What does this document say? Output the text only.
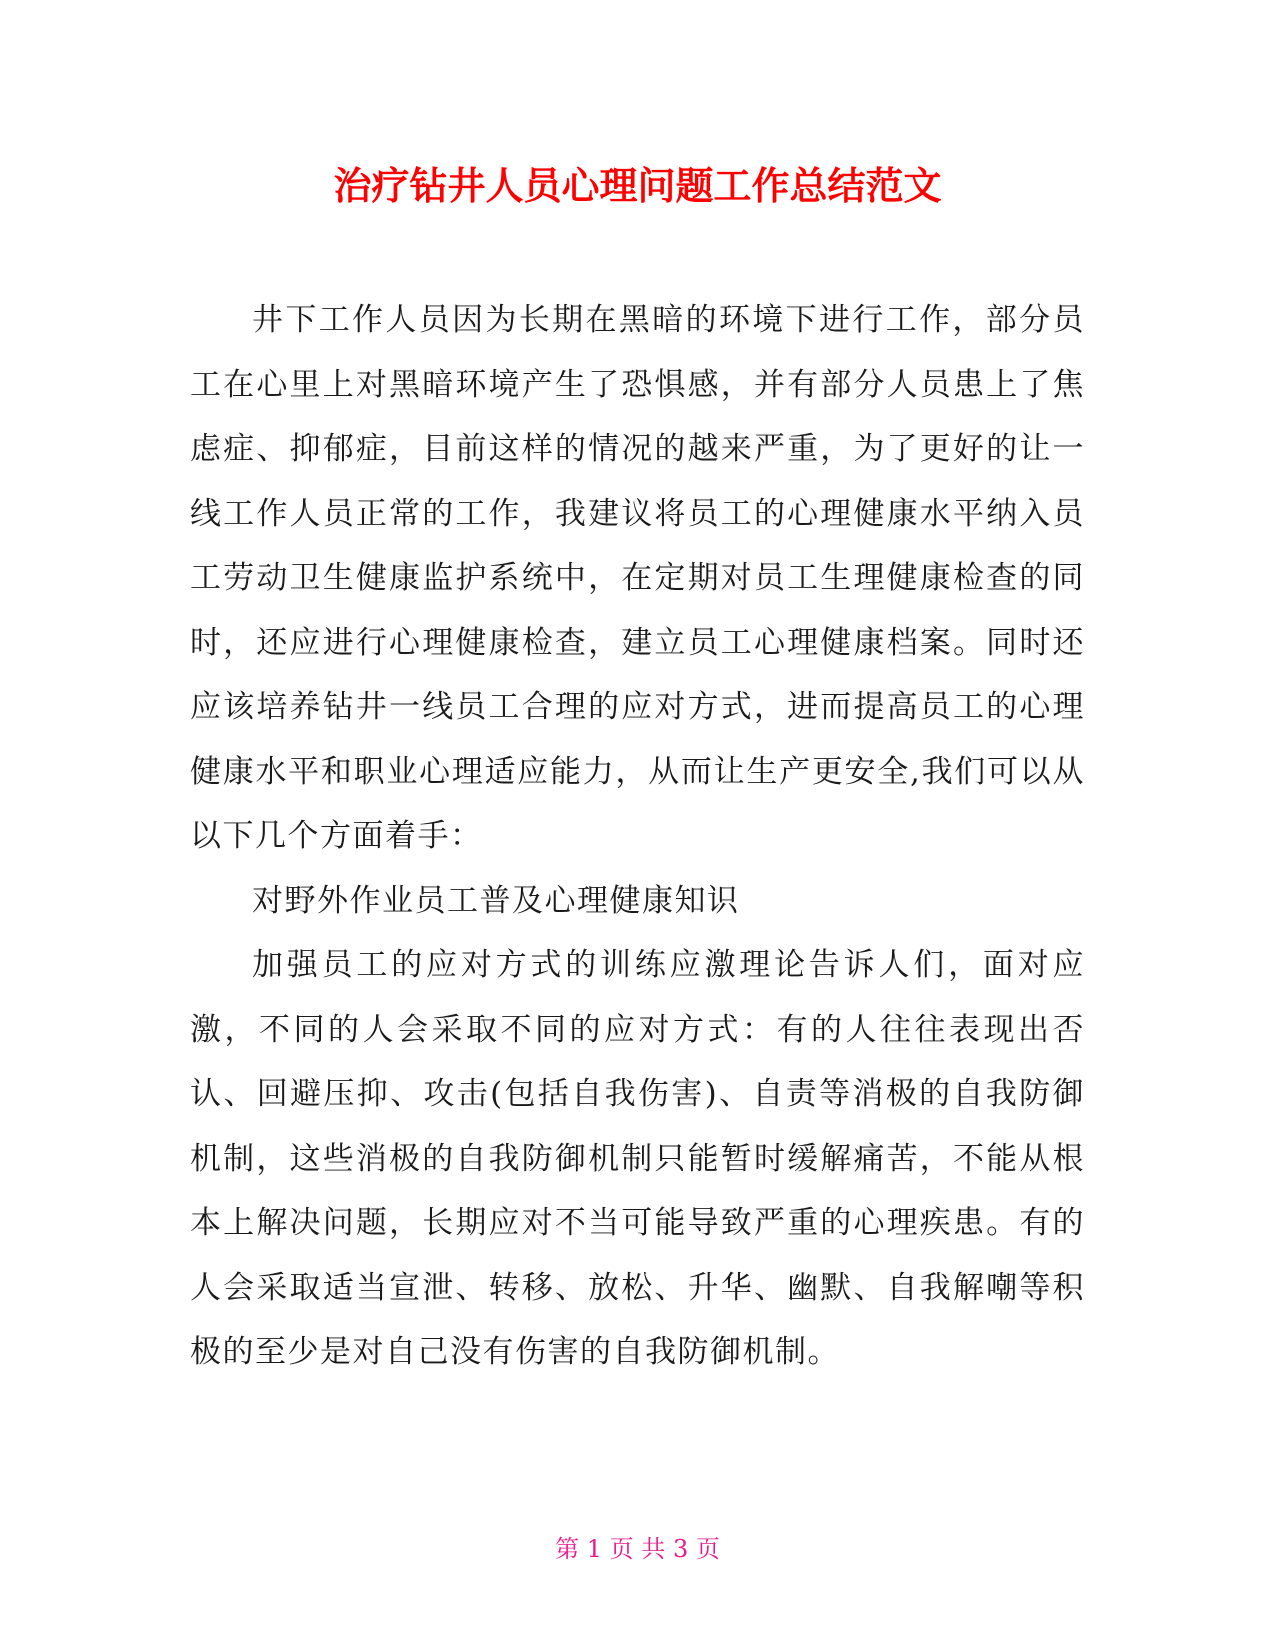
治疗钻井人员心理问题工作总结范文

井下工作人员因为长期在黑暗的环境下进行工作，部分员工在心里上对黑暗环境产生了恐惧感，并有部分人员患上了焦虑症、抑郁症，目前这样的情况的越来严重，为了更好的让一线工作人员正常的工作，我建议将员工的心理健康水平纳入员工劳动卫生健康监护系统中，在定期对员工生理健康检查的同时，还应进行心理健康检查，建立员工心理健康档案。同时还应该培养钻井一线员工合理的应对方式，进而提高员工的心理健康水平和职业心理适应能力，从而让生产更安全,我们可以从以下几个方面着手：

对野外作业员工普及心理健康知识

加强员工的应对方式的训练应激理论告诉人们，面对应激，不同的人会采取不同的应对方式：有的人往往表现出否认、回避压抑、攻击(包括自我伤害)、自责等消极的自我防御机制，这些消极的自我防御机制只能暂时缓解痛苦，不能从根本上解决问题，长期应对不当可能导致严重的心理疾患。有的人会采取适当宣泄、转移、放松、升华、幽默、自我解嘲等积极的至少是对自己没有伤害的自我防御机制。

第 1 页 共 3 页
